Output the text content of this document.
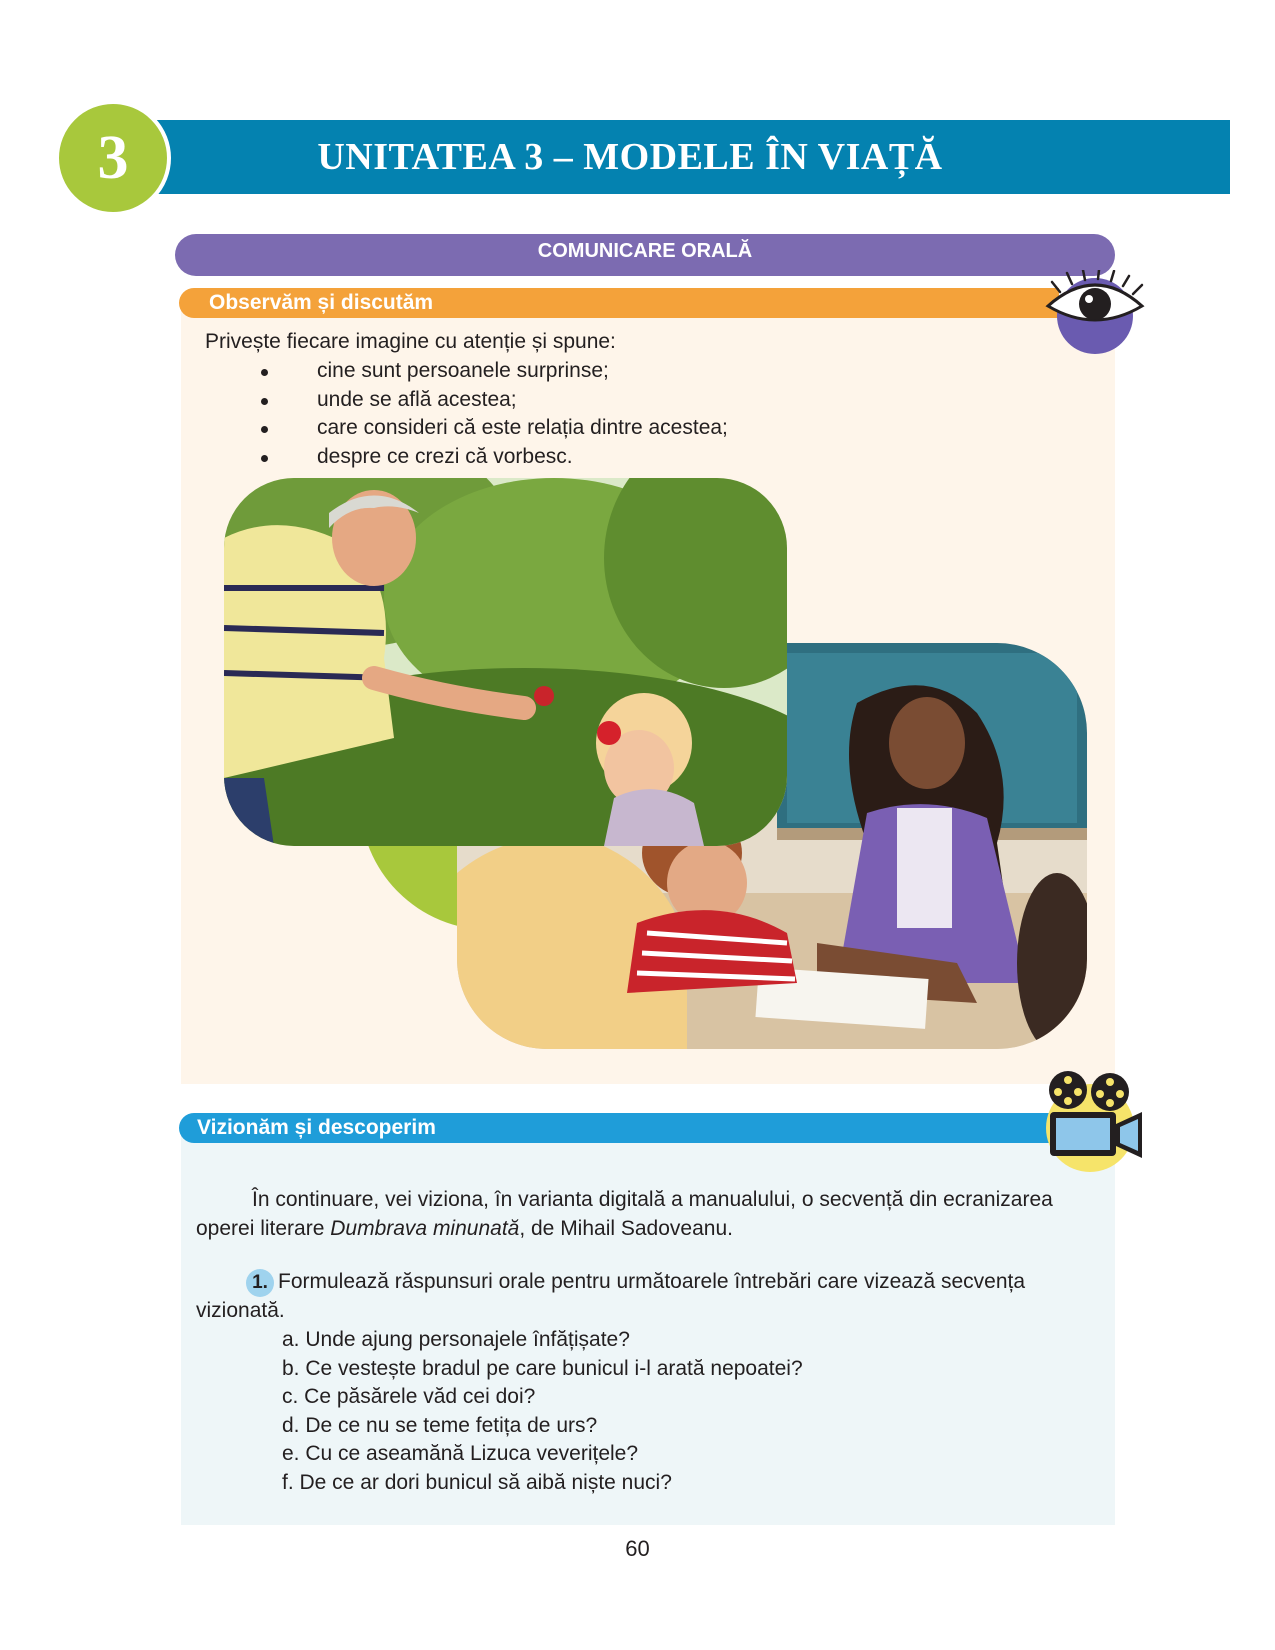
UNITATEA 3 – MODELE ÎN VIAȚĂ
3
COMUNICARE ORALĂ
Observăm și discutăm
Privește fiecare imagine cu atenție și spune:
cine sunt persoanele surprinse;
unde se află acestea;
care consideri că este relația dintre acestea;
despre ce crezi că vorbesc.
Vizionăm și descoperim
În continuare, vei viziona, în varianta digitală a manualului, o secvență din ecranizarea operei literare Dumbrava minunată, de Mihail Sadoveanu.
1. Formulează răspunsuri orale pentru următoarele întrebări care vizează secvența vizionată.
a. Unde ajung personajele înfățișate?
b. Ce vestește bradul pe care bunicul i-l arată nepoatei?
c. Ce păsărele văd cei doi?
d. De ce nu se teme fetița de urs?
e. Cu ce aseamănă Lizuca veverițele?
f. De ce ar dori bunicul să aibă niște nuci?
60
